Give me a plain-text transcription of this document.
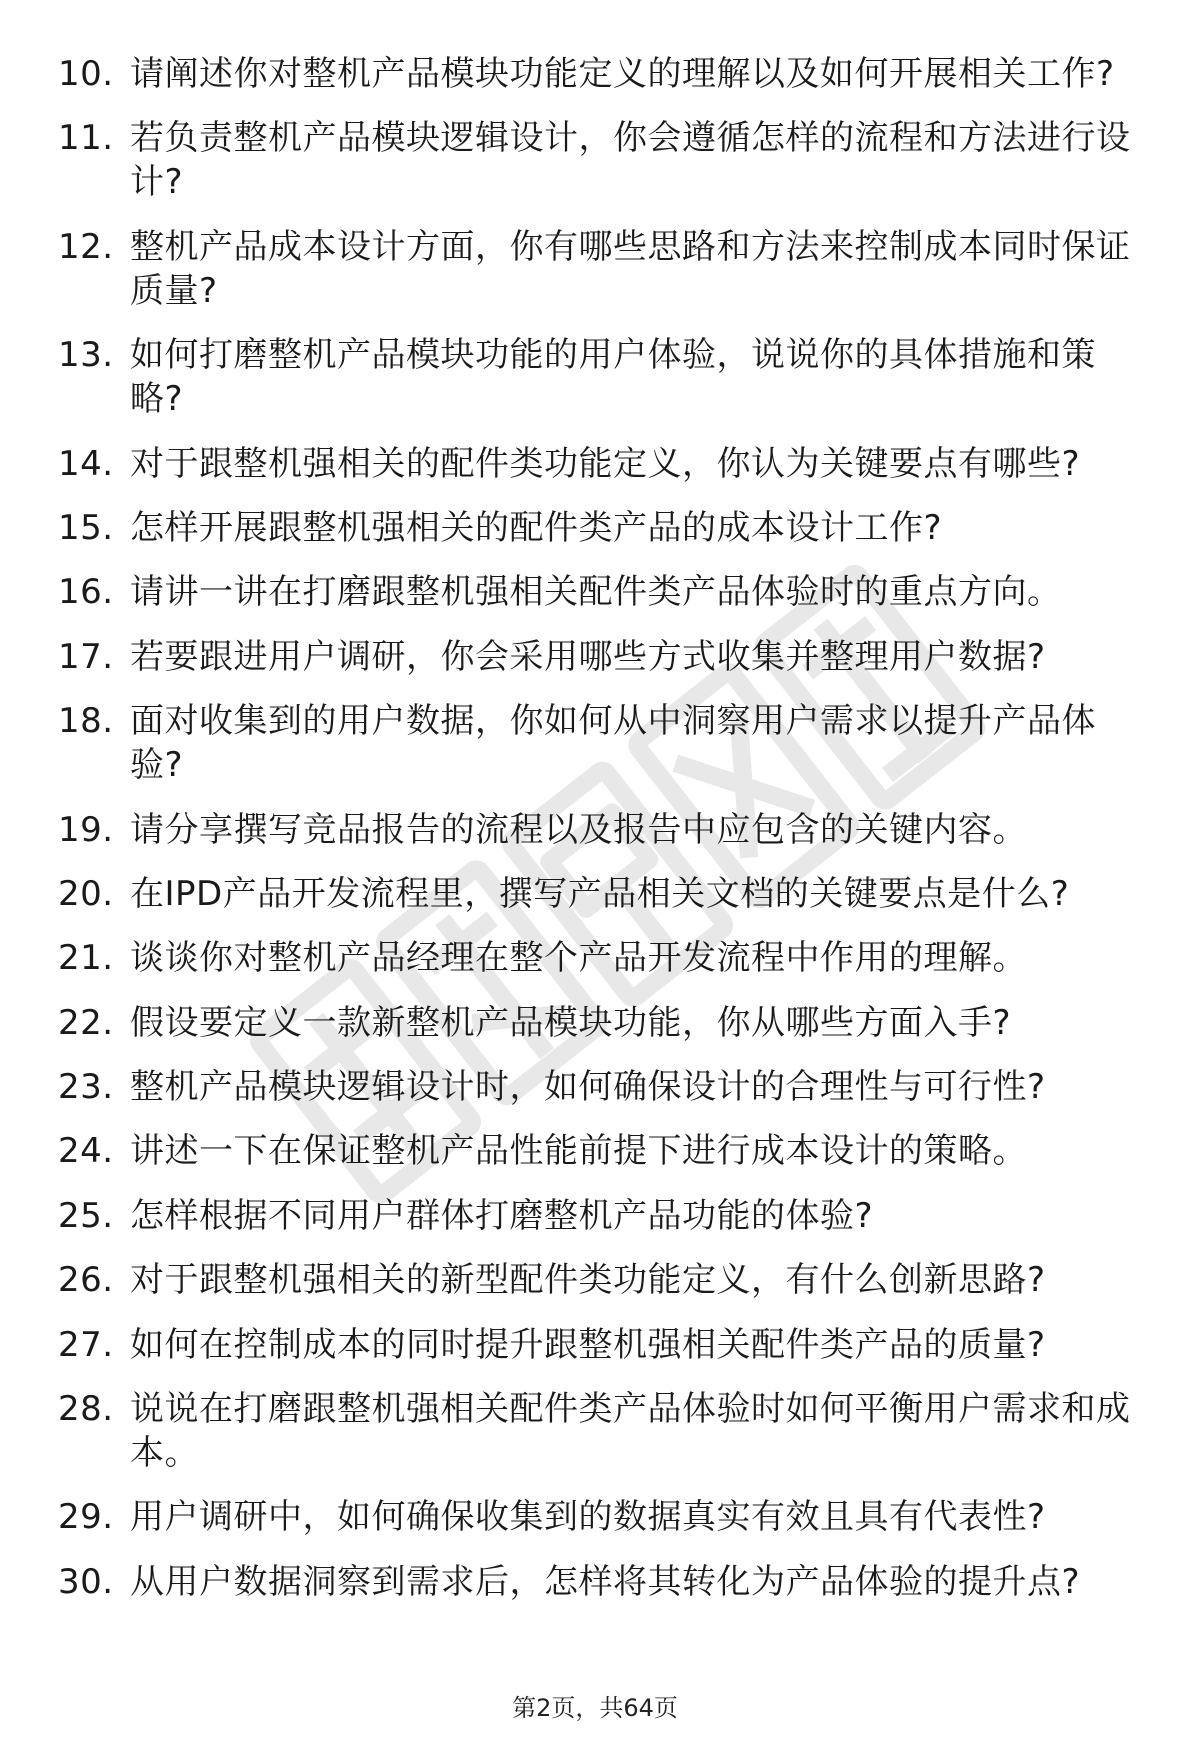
10. 请阐述你对整机产品模块功能定义的理解以及如何开展相关工作?
11. 若负责整机产品模块逻辑设计，你会遵循怎样的流程和方法进行设计?
12. 整机产品成本设计方面，你有哪些思路和方法来控制成本同时保证质量?
13. 如何打磨整机产品模块功能的用户体验，说说你的具体措施和策略?
14. 对于跟整机强相关的配件类功能定义，你认为关键要点有哪些?
15. 怎样开展跟整机强相关的配件类产品的成本设计工作?
16. 请讲一讲在打磨跟整机强相关配件类产品体验时的重点方向。
17. 若要跟进用户调研，你会采用哪些方式收集并整理用户数据?
18. 面对收集到的用户数据，你如何从中洞察用户需求以提升产品体验?
19. 请分享撰写竞品报告的流程以及报告中应包含的关键内容。
20. 在IPD产品开发流程里，撰写产品相关文档的关键要点是什么?
21. 谈谈你对整机产品经理在整个产品开发流程中作用的理解。
22. 假设要定义一款新整机产品模块功能，你从哪些方面入手?
23. 整机产品模块逻辑设计时，如何确保设计的合理性与可行性?
24. 讲述一下在保证整机产品性能前提下进行成本设计的策略。
25. 怎样根据不同用户群体打磨整机产品功能的体验?
26. 对于跟整机强相关的新型配件类功能定义，有什么创新思路?
27. 如何在控制成本的同时提升跟整机强相关配件类产品的质量?
28. 说说在打磨跟整机强相关配件类产品体验时如何平衡用户需求和成本。
29. 用户调研中，如何确保收集到的数据真实有效且具有代表性?
30. 从用户数据洞察到需求后，怎样将其转化为产品体验的提升点?
第2页，共64页
